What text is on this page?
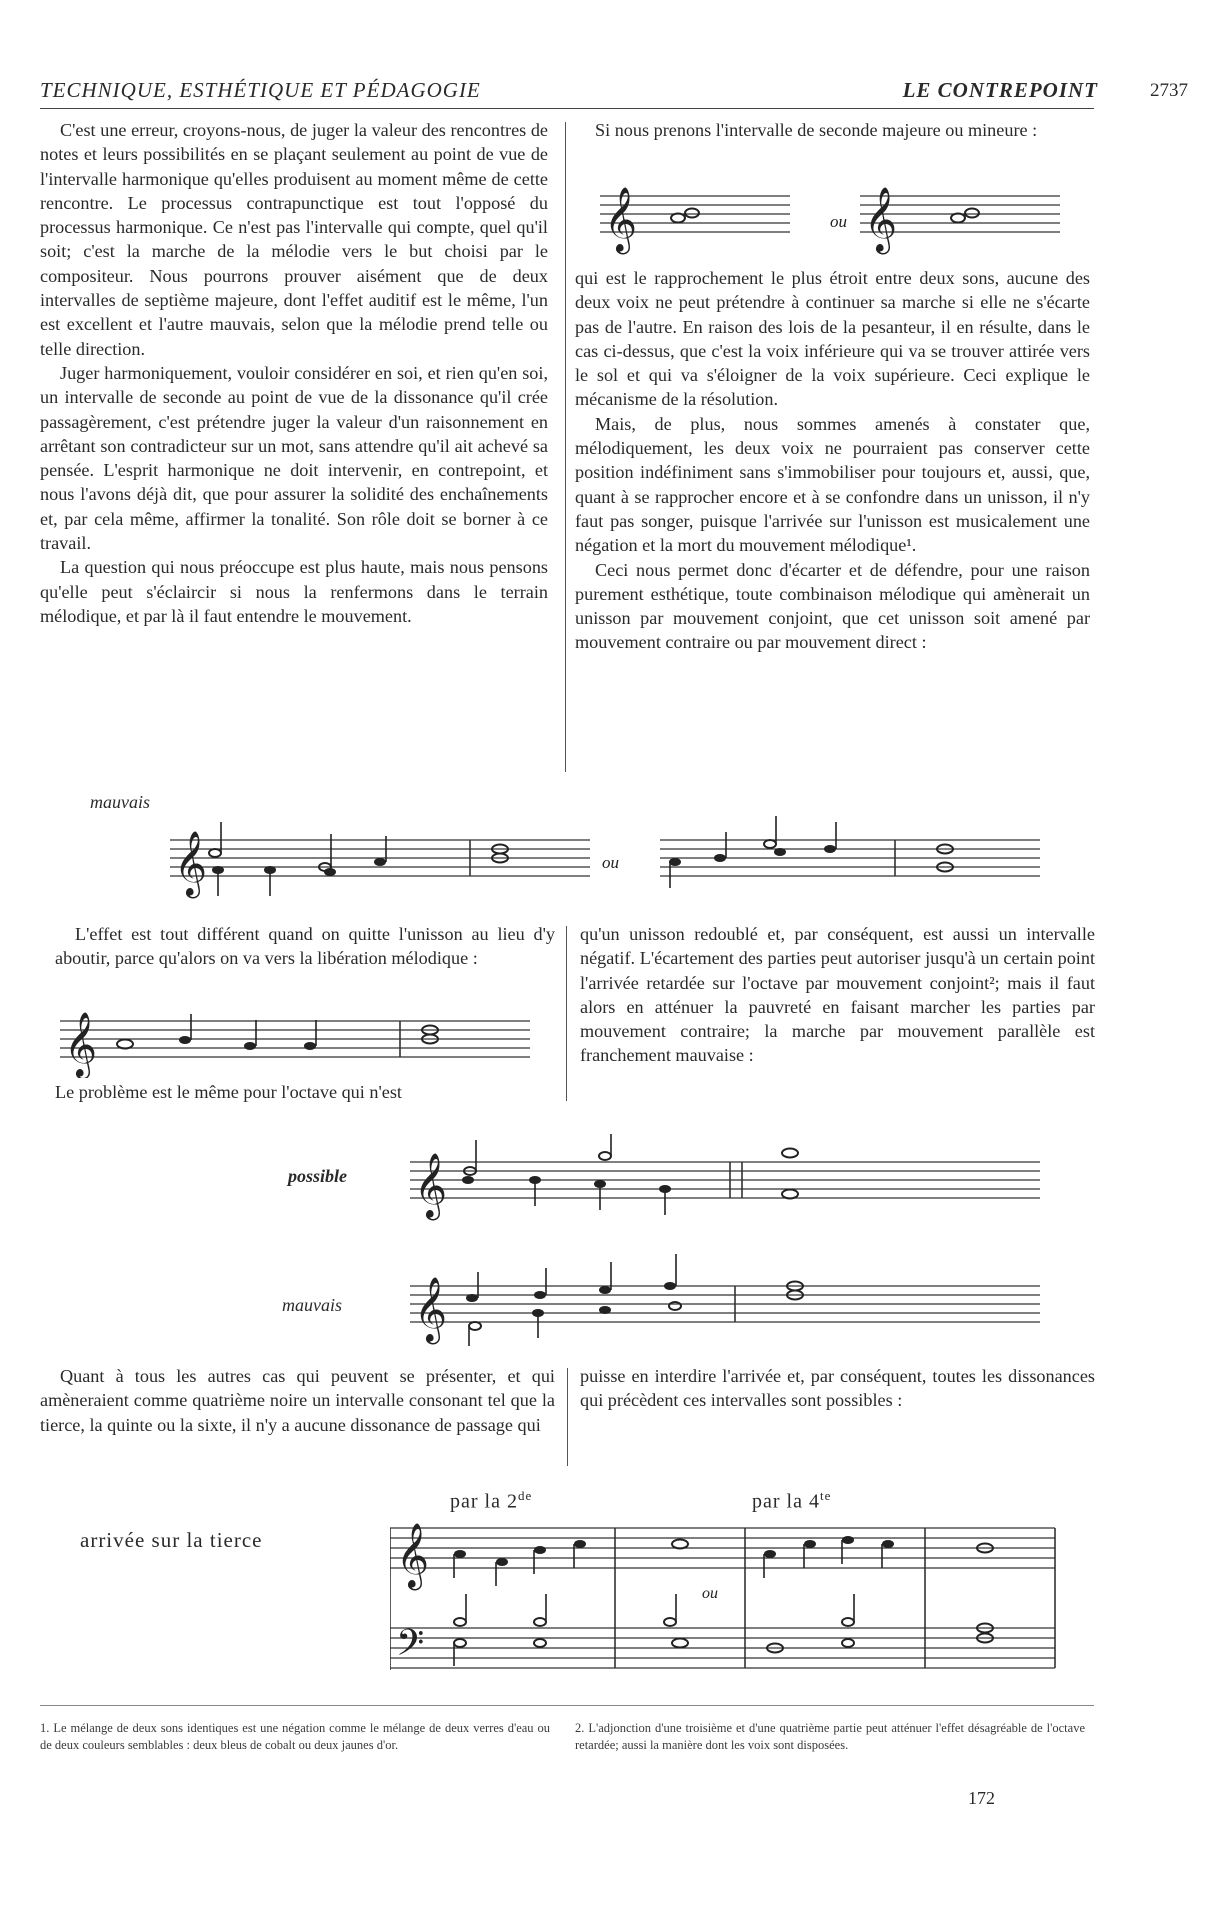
TECHNIQUE, ESTHÉTIQUE ET PÉDAGOGIE	LE CONTREPOINT	2737

C'est une erreur, croyons-nous, de juger la valeur des rencontres de notes et leurs possibilités en se plaçant seulement au point de vue de l'intervalle harmonique qu'elles produisent au moment même de cette rencontre. Le processus contrapunctique est tout l'opposé du processus harmonique. Ce n'est pas l'intervalle qui compte, quel qu'il soit; c'est la marche de la mélodie vers le but choisi par le compositeur. Nous pourrons prouver aisément que de deux intervalles de septième majeure, dont l'effet auditif est le même, l'un est excellent et l'autre mauvais, selon que la mélodie prend telle ou telle direction.

Juger harmoniquement, vouloir considérer en soi, et rien qu'en soi, un intervalle de seconde au point de vue de la dissonance qu'il crée passagèrement, c'est prétendre juger la valeur d'un raisonnement en arrêtant son contradicteur sur un mot, sans attendre qu'il ait achevé sa pensée. L'esprit harmonique ne doit intervenir, en contrepoint, et nous l'avons déjà dit, que pour assurer la solidité des enchaînements et, par cela même, affirmer la tonalité. Son rôle doit se borner à ce travail.

La question qui nous préoccupe est plus haute, mais nous pensons qu'elle peut s'éclaircir si nous la renfermons dans le terrain mélodique, et par là il faut entendre le mouvement.

Si nous prenons l'intervalle de seconde majeure ou mineure :

𝄞	ou 𝄞

qui est le rapprochement le plus étroit entre deux sons, aucune des deux voix ne peut prétendre à continuer sa marche si elle ne s'écarte pas de l'autre. En raison des lois de la pesanteur, il en résulte, dans le cas ci-dessus, que c'est la voix inférieure qui va se trouver attirée vers le sol et qui va s'éloigner de la voix supérieure. Ceci explique le mécanisme de la résolution.

Mais, de plus, nous sommes amenés à constater que, mélodiquement, les deux voix ne pourraient pas conserver cette position indéfiniment sans s'immobiliser pour toujours et, aussi, que, quant à se rapprocher encore et à se confondre dans un unisson, il n'y faut pas songer, puisque l'arrivée sur l'unisson est musicalement une négation et la mort du mouvement mélodique¹.

Ceci nous permet donc d'écarter et de défendre, pour une raison purement esthétique, toute combinaison mélodique qui amènerait un unisson par mouvement conjoint, que cet unisson soit amené par mouvement contraire ou par mouvement direct :

mauvais
𝄞	ou

L'effet est tout différent quand on quitte l'unisson au lieu d'y aboutir, parce qu'alors on va vers la libération mélodique :

𝄞

Le problème est le même pour l'octave qui n'est

qu'un unisson redoublé et, par conséquent, est aussi un intervalle négatif. L'écartement des parties peut autoriser jusqu'à un certain point l'arrivée retardée sur l'octave par mouvement conjoint²; mais il faut alors en atténuer la pauvreté en faisant marcher les parties par mouvement contraire; la marche par mouvement parallèle est franchement mauvaise :

possible 𝄞
mauvais 𝄞

Quant à tous les autres cas qui peuvent se présenter, et qui amèneraient comme quatrième noire un intervalle consonant tel que la tierce, la quinte ou la sixte, il n'y a aucune dissonance de passage qui

puisse en interdire l'arrivée et, par conséquent, toutes les dissonances qui précèdent ces intervalles sont possibles :

par la 2de	par la $4^{te}$
arrivée sur la tierce 𝄞
𝄢
ou
1. Le mélange de deux sons identiques est une négation comme le mélange de deux verres d'eau ou de deux couleurs semblables : deux bleus de cobalt ou deux jaunes d'or.
2. L'adjonction d'une troisième et d'une quatrième partie peut atténuer l'effet désagréable de l'octave retardée; aussi la manière dont les voix sont disposées.
172
